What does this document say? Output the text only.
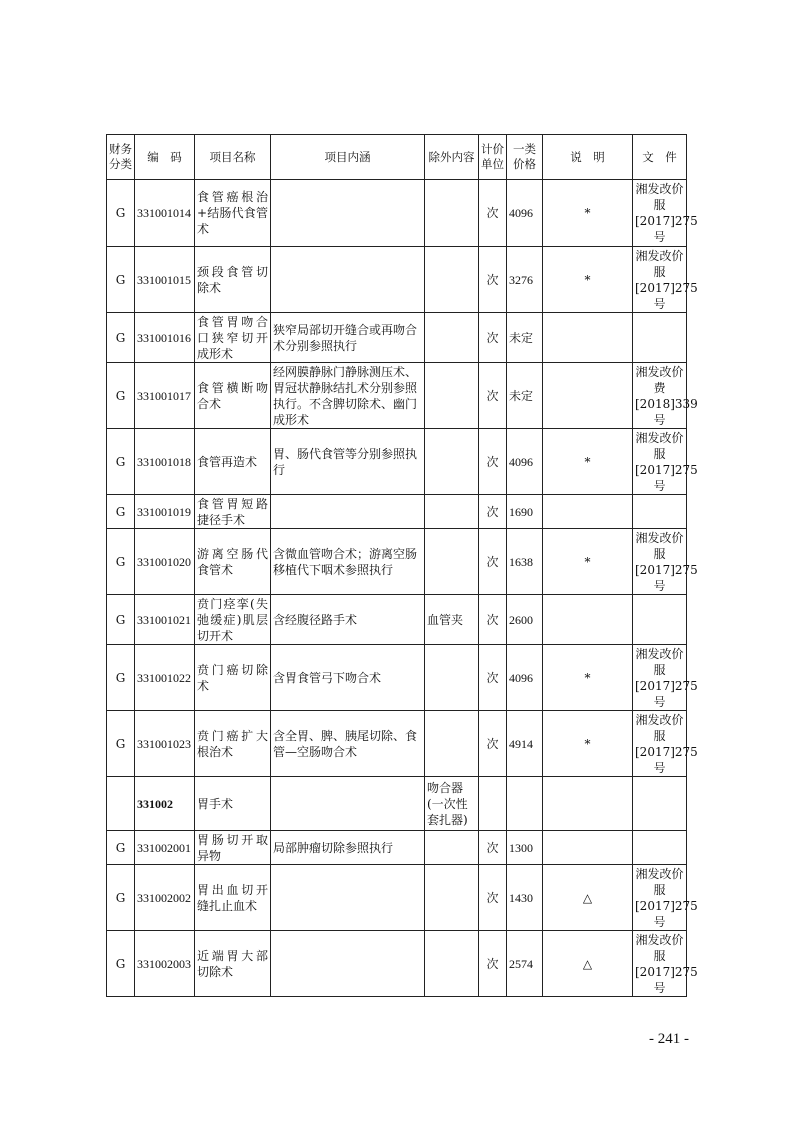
财务分类	编　码	项目名称	项目内涵	除外内容	计价单位	一类价格	说　明	文　件
G	331001014	食管癌根治+结肠代食管术			次	4096	*	湘发改价服[2017]275号
G	331001015	颈段食管切除术			次	3276	*	湘发改价服[2017]275号
G	331001016	食管胃吻合口狭窄切开成形术	狭窄局部切开缝合或再吻合术分别参照执行		次	未定		
G	331001017	食管横断吻合术	经网膜静脉门静脉测压术、胃冠状静脉结扎术分别参照执行。不含脾切除术、幽门成形术		次	未定		湘发改价费[2018]339号
G	331001018	食管再造术	胃、肠代食管等分别参照执行		次	4096	*	湘发改价服[2017]275号
G	331001019	食管胃短路捷径手术			次	1690		
G	331001020	游离空肠代食管术	含微血管吻合术；游离空肠移植代下咽术参照执行		次	1638	*	湘发改价服[2017]275号
G	331001021	贲门痉挛(失弛缓症)肌层切开术	含经腹径路手术	血管夹	次	2600		
G	331001022	贲门癌切除术	含胃食管弓下吻合术		次	4096	*	湘发改价服[2017]275号
G	331001023	贲门癌扩大根治术	含全胃、脾、胰尾切除、食管—空肠吻合术		次	4914	*	湘发改价服[2017]275号
	331002	胃手术		吻合器(一次性套扎器)				
G	331002001	胃肠切开取异物	局部肿瘤切除参照执行		次	1300		
G	331002002	胃出血切开缝扎止血术			次	1430	△	湘发改价服[2017]275号
G	331002003	近端胃大部切除术			次	2574	△	湘发改价服[2017]275号
- 241 -
